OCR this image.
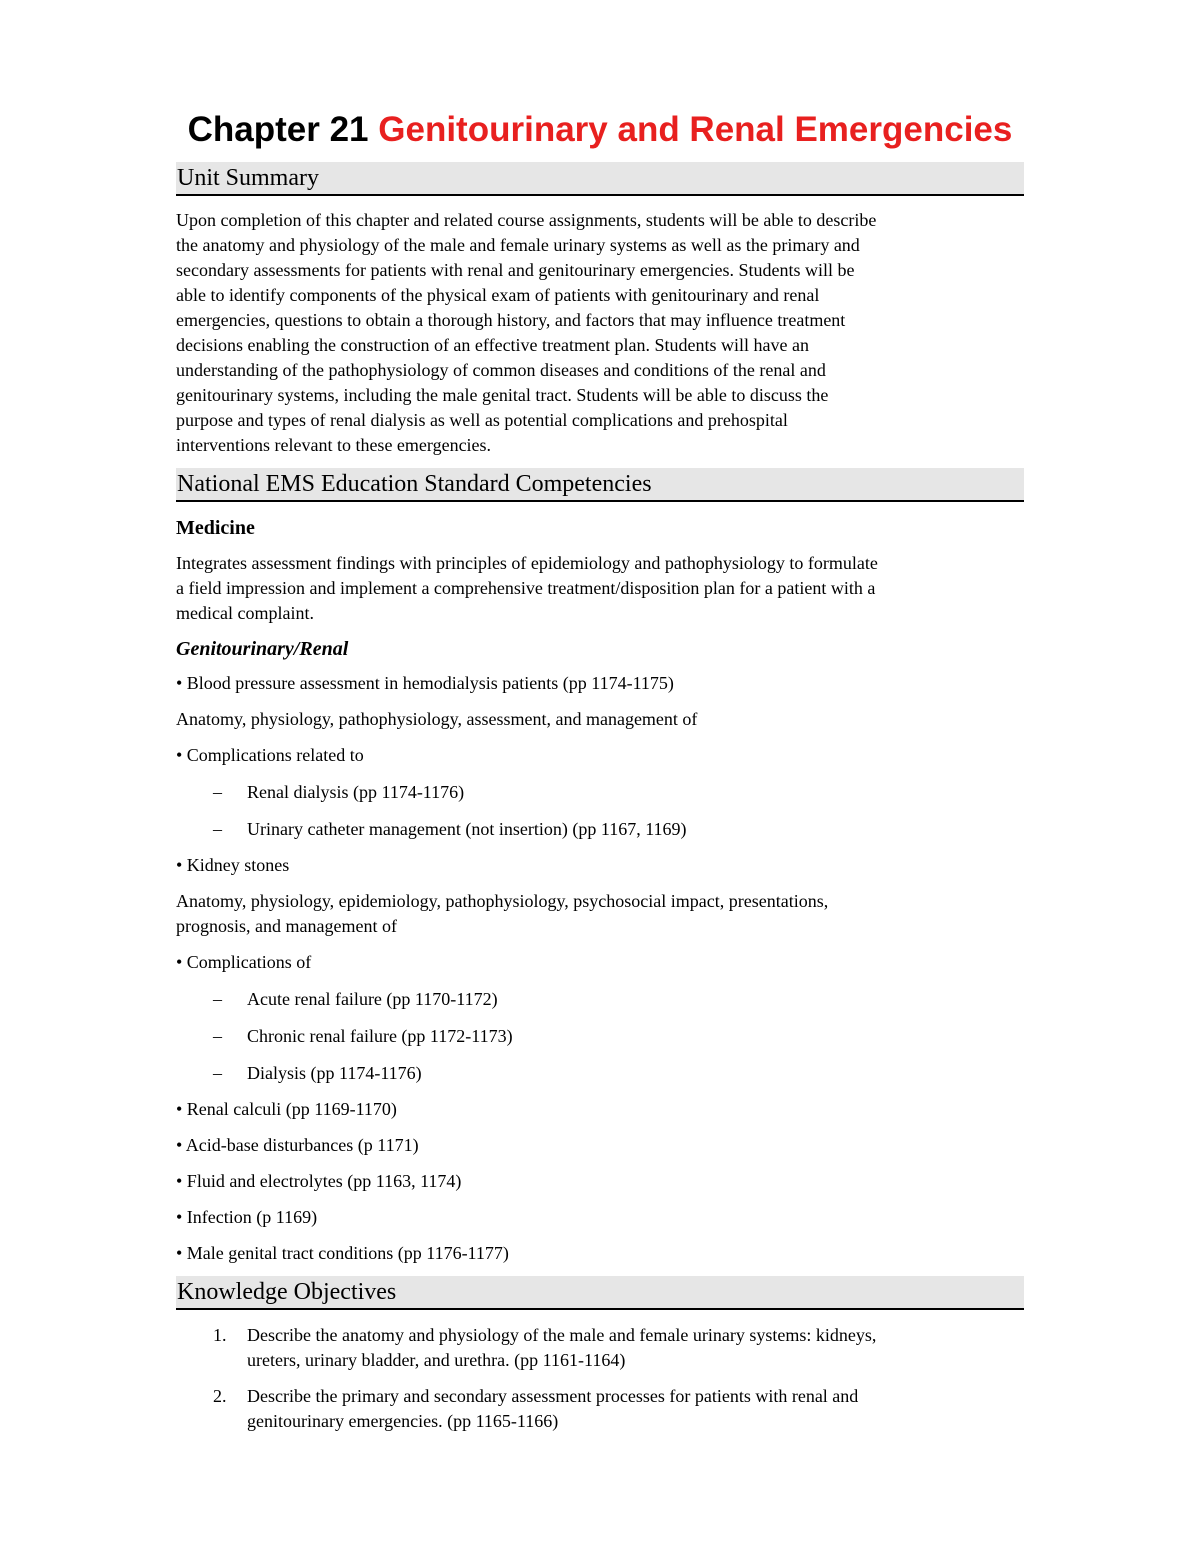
Chapter 21 Genitourinary and Renal Emergencies
Unit Summary
Upon completion of this chapter and related course assignments, students will be able to describe
the anatomy and physiology of the male and female urinary systems as well as the primary and
secondary assessments for patients with renal and genitourinary emergencies. Students will be
able to identify components of the physical exam of patients with genitourinary and renal
emergencies, questions to obtain a thorough history, and factors that may influence treatment
decisions enabling the construction of an effective treatment plan. Students will have an
understanding of the pathophysiology of common diseases and conditions of the renal and
genitourinary systems, including the male genital tract. Students will be able to discuss the
purpose and types of renal dialysis as well as potential complications and prehospital
interventions relevant to these emergencies.
National EMS Education Standard Competencies
Medicine
Integrates assessment findings with principles of epidemiology and pathophysiology to formulate
a field impression and implement a comprehensive treatment/disposition plan for a patient with a
medical complaint.
Genitourinary/Renal
• Blood pressure assessment in hemodialysis patients (pp 1174-1175)
Anatomy, physiology, pathophysiology, assessment, and management of
• Complications related to
–	Renal dialysis (pp 1174-1176)
–	Urinary catheter management (not insertion) (pp 1167, 1169)
• Kidney stones
Anatomy, physiology, epidemiology, pathophysiology, psychosocial impact, presentations,
prognosis, and management of
• Complications of
–	Acute renal failure (pp 1170-1172)
–	Chronic renal failure (pp 1172-1173)
–	Dialysis (pp 1174-1176)
• Renal calculi (pp 1169-1170)
• Acid-base disturbances (p 1171)
• Fluid and electrolytes (pp 1163, 1174)
• Infection (p 1169)
• Male genital tract conditions (pp 1176-1177)
Knowledge Objectives
1. Describe the anatomy and physiology of the male and female urinary systems: kidneys,
ureters, urinary bladder, and urethra. (pp 1161-1164)
2. Describe the primary and secondary assessment processes for patients with renal and
genitourinary emergencies. (pp 1165-1166)
